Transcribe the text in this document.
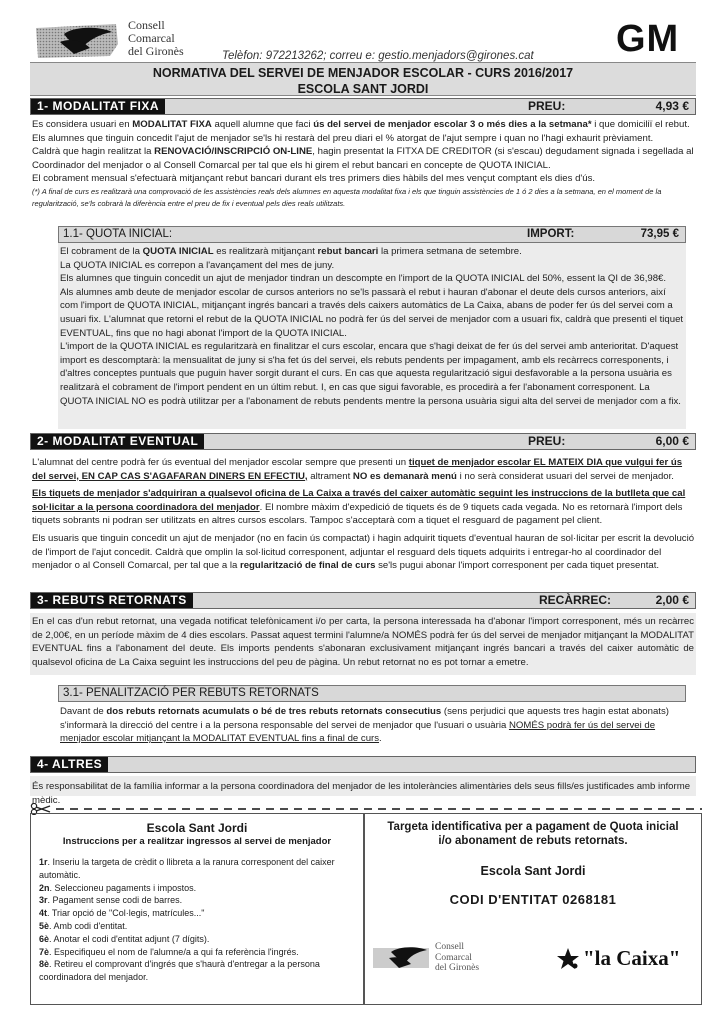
Consell
Comarcal
del Gironès	Telèfon: 972213262; correu e: gestio.menjadors@girones.cat GM
NORMATIVA DEL SERVEI DE MENJADOR ESCOLAR - CURS 2016/2017
ESCOLA SANT JORDI
1- MODALITAT FIXA	PREU:	4,93 €

Es considera usuari en MODALITAT FIXA aquell alumne que faci ús del servei de menjador escolar 3 o més dies a la setmana* i que domiciliï el rebut. Els alumnes que tinguin concedit l'ajut de menjador se'ls hi restarà del preu diari el % atorgat de l'ajut sempre i quan no l'hagi exhaurit prèviament.

Caldrà que hagin realitzat la RENOVACIÓ/INSCRIPCIÓ ON-LINE, hagin presentat la FITXA DE CREDITOR (si s'escau) degudament signada i segellada al Coordinador del menjador o al Consell Comarcal per tal que els hi girem el rebut bancari en concepte de QUOTA INICIAL.

El cobrament mensual s'efectuarà mitjançant rebut bancari durant els tres primers dies hàbils del mes vençut comptant els dies d'ús.

(*) A final de curs es realitzarà una comprovació de les assistències reals dels alumnes en aquesta modalitat fixa i els que tinguin assistències de 1 ó 2 dies a la setmana, en el moment de la regularització, se'ls cobrarà la diferència entre el preu de fix i eventual pels dies reals utilitzats.

1.1- QUOTA INICIAL:	IMPORT:	73,95 €

El cobrament de la QUOTA INICIAL es realitzarà mitjançant rebut bancari la primera setmana de setembre.

La QUOTA INICIAL es correpon a l'avançament del mes de juny.

Els alumnes que tinguin concedit un ajut de menjador tindran un descompte en l'import de la QUOTA INICIAL del 50%, essent la QI de 36,98€.

Als alumnes amb deute de menjador escolar de cursos anteriors no se'ls passarà el rebut i hauran d'abonar el deute dels cursos anteriors, així com l'import de QUOTA INICIAL, mitjançant ingrés bancari a través dels caixers automàtics de La Caixa, abans de poder fer ús del servei com a usuari fix. L'alumnat que retorni el rebut de la QUOTA INICIAL no podrà fer ús del servei de menjador com a usuari fix, caldrà que presenti el tiquet EVENTUAL, fins que no hagi abonat l'import de la QUOTA INICIAL.

L'import de la QUOTA INICIAL es regularitzarà en finalitzar el curs escolar, encara que s'hagi deixat de fer ús del servei amb anterioritat. D'aquest import es descomptarà: la mensualitat de juny si s'ha fet ús del servei, els rebuts pendents per impagament, amb els recàrrecs corresponents, i d'altres conceptes puntuals que puguin haver sorgit durant el curs. En cas que aquesta regularització sigui desfavorable a la persona usuària es realitzarà el cobrament de l'import pendent en un últim rebut. I, en cas que sigui favorable, es procedirà a fer l'abonament corresponent. La QUOTA INICIAL NO es podrà utilitzar per a l'abonament de rebuts pendents mentre la persona usuària sigui alta del servei de menjador com a fix.

2- MODALITAT EVENTUAL	PREU:	6,00 €

L'alumnat del centre podrà fer ús eventual del menjador escolar sempre que presenti un tiquet de menjador escolar EL MATEIX DIA que vulgui fer ús del servei, EN CAP CAS S'AGAFARAN DINERS EN EFECTIU, altrament NO es demanarà menú i no serà considerat usuari del servei de menjador.

Els tiquets de menjador s'adquiriran a qualsevol oficina de La Caixa a través del caixer automàtic seguint les instruccions de la butlleta que cal sol·licitar a la persona coordinadora del menjador. El nombre màxim d'expedició de tiquets és de 9 tiquets cada vegada. No es retornarà l'import dels tiquets sobrants ni podran ser utilitzats en altres cursos escolars. Tampoc s'acceptarà com a tiquet el resguard de pagament pel client.

Els usuaris que tinguin concedit un ajut de menjador (no en facin ús compactat) i hagin adquirit tiquets d'eventual hauran de sol·licitar per escrit la devolució de l'import de l'ajut concedit. Caldrà que omplin la sol·licitud corresponent, adjuntar el resguard dels tiquets adquirits i entregar-ho al coordinador del menjador o al Consell Comarcal, per tal que a la regularització de final de curs se'ls pugui abonar l'import corresponent per cada tiquet presentat.

3- REBUTS RETORNATS	RECÀRREC:	2,00 €

En el cas d'un rebut retornat, una vegada notificat telefònicament i/o per carta, la persona interessada ha d'abonar l'import corresponent, més un recàrrec de 2,00€, en un període màxim de 4 dies escolars. Passat aquest termini l'alumne/a NOMÉS podrà fer ús del servei de menjador mitjançant la MODALITAT EVENTUAL fins a l'abonament del deute. Els imports pendents s'abonaran exclusivament mitjançant ingrés bancari a través del caixer automàtic de qualsevol oficina de La Caixa seguint les instruccions del peu de pàgina. Un rebut retornat no es pot tornar a emetre.

3.1- PENALITZACIÓ PER REBUTS RETORNATS

Davant de dos rebuts retornats acumulats o bé de tres rebuts retornats consecutius (sens perjudici que aquests tres hagin estat abonats) s'informarà la direcció del centre i a la persona responsable del servei de menjador que l'usuari o usuària NOMÉS podrà fer ús del servei de menjador escolar mitjançant la MODALITAT EVENTUAL fins a final de curs.

4- ALTRES

És responsabilitat de la família informar a la persona coordinadora del menjador de les intoleràncies alimentàries dels seus fills/es justificades amb informe mèdic.

Escola Sant Jordi
Instruccions per a realitzar ingressos al servei de menjador
1r. Inseriu la targeta de crèdit o llibreta a la ranura corresponent del caixer automàtic.
2n. Seleccioneu pagaments i impostos.
3r. Pagament sense codi de barres.
4t. Triar opció de "Col·legis, matrícules..."
5è. Amb codi d'entitat.
6è. Anotar el codi d'entitat adjunt (7 dígits).
7è. Especifiqueu el nom de l'alumne/a a qui fa referència l'ingrés.
8è. Retireu el comprovant d'ingrés que s'haurà d'entregar a la persona coordinadora del menjador.
Targeta identificativa per a pagament de Quota inicial
i/o abonament de rebuts retornats.
Escola Sant Jordi
CODI D'ENTITAT 0268181
Consell
Comarcal
del Gironès	"la Caixa"
